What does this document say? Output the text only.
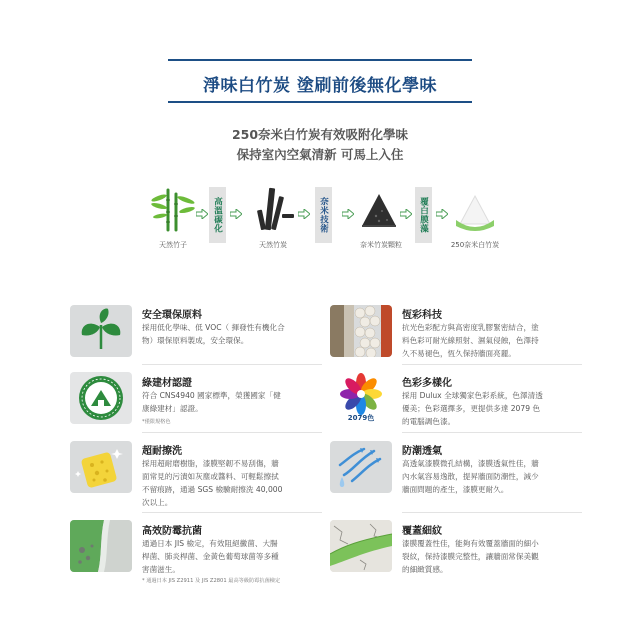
淨味白竹炭 塗刷前後無化學味
250奈米白竹炭有效吸附化學味
保持室內空氣清新 可馬上入住
天然竹子
高溫碳化
天然竹炭
奈米技術
奈米竹炭顆粒
覆白膜藻
250奈米白竹炭
安全環保原料
採用低化學味、低 VOC（ 揮發性有機化合
物）環保原料製成，安全環保。
恆彩科技
抗光色彩配方與高密度乳膠緊密結合，塗
料色彩可耐光線照射、濕氣侵蝕，色澤持
久不易褪色，恆久保持牆面亮麗。
綠建材認證
符合 CNS4940 國家標準，榮獲國家「健
康綠建材」認證。
*僅限規格色	2079色
色彩多樣化
採用 Dulux 全球獨家色彩系統，色澤清透
優美；色彩選擇多，更提供多達 2079 色
的電腦調色漆。
超耐擦洗
採用超耐磨樹脂，漆膜堅韌不易刮傷，牆
面常見的污漬如灰塵或醬料、可輕鬆擦拭
不留痕跡，通過 SGS 檢驗耐擦洗 40,000
次以上。
防潮透氣
高透氣漆膜微孔結構，漆膜透氣性佳，牆
內水氣容易逸散，提昇牆面防潮性，減少
牆面問題的產生，漆膜更耐久。
高效防霉抗菌
通過日本 JIS 檢定，有效阻絕黴菌、大腸
桿菌、肺炎桿菌、金黃色葡萄球菌等多種
害菌滋生。
* 通過日本 JIS Z2911 及 JIS Z2801 最高等級防霉抗菌檢定
覆蓋細紋
漆膜覆蓋性佳，能夠有效覆蓋牆面的細小
裂紋，保持漆膜完整性，讓牆面常保美觀
的細緻質感。
